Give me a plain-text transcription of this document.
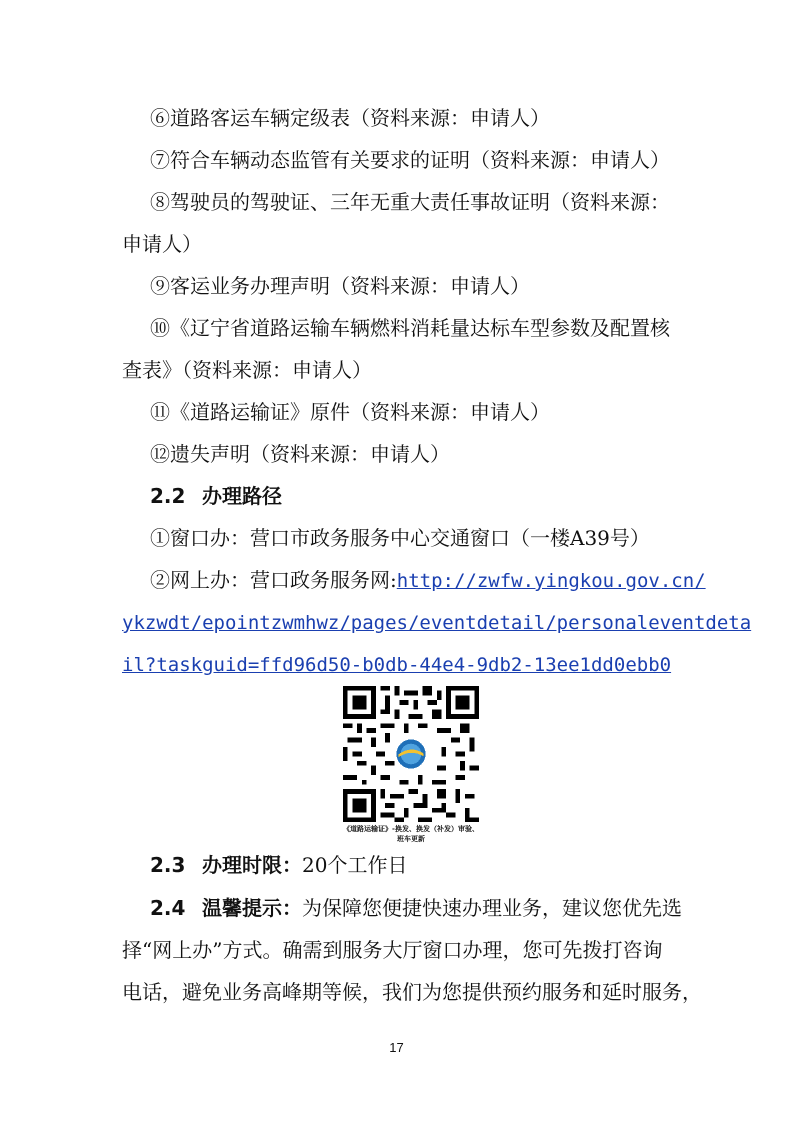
⑥道路客运车辆定级表（资料来源：申请人）
⑦符合车辆动态监管有关要求的证明（资料来源：申请人）
⑧驾驶员的驾驶证、三年无重大责任事故证明（资料来源：
申请人）
⑨客运业务办理声明（资料来源：申请人）
⑩《辽宁省道路运输车辆燃料消耗量达标车型参数及配置核
查表》（资料来源：申请人）
⑪《道路运输证》原件（资料来源：申请人）
⑫遗失声明（资料来源：申请人）
2.2 办理路径
①窗口办：营口市政务服务中心交通窗口（一楼A39号）
②网上办：营口政务服务网:http://zwfw.yingkou.gov.cn/
ykzwdt/epointzwmhwz/pages/eventdetail/personaleventdeta
il?taskguid=ffd96d50-b0db-44e4-9db2-13ee1dd0ebb0
《道路运输证》-换发、换发（补发）审验、
班车更新
2.3 办理时限：20个工作日
2.4 温馨提示：为保障您便捷快速办理业务，建议您优先选
择“网上办”方式。确需到服务大厅窗口办理，您可先拨打咨询
电话，避免业务高峰期等候，我们为您提供预约服务和延时服务，
17
